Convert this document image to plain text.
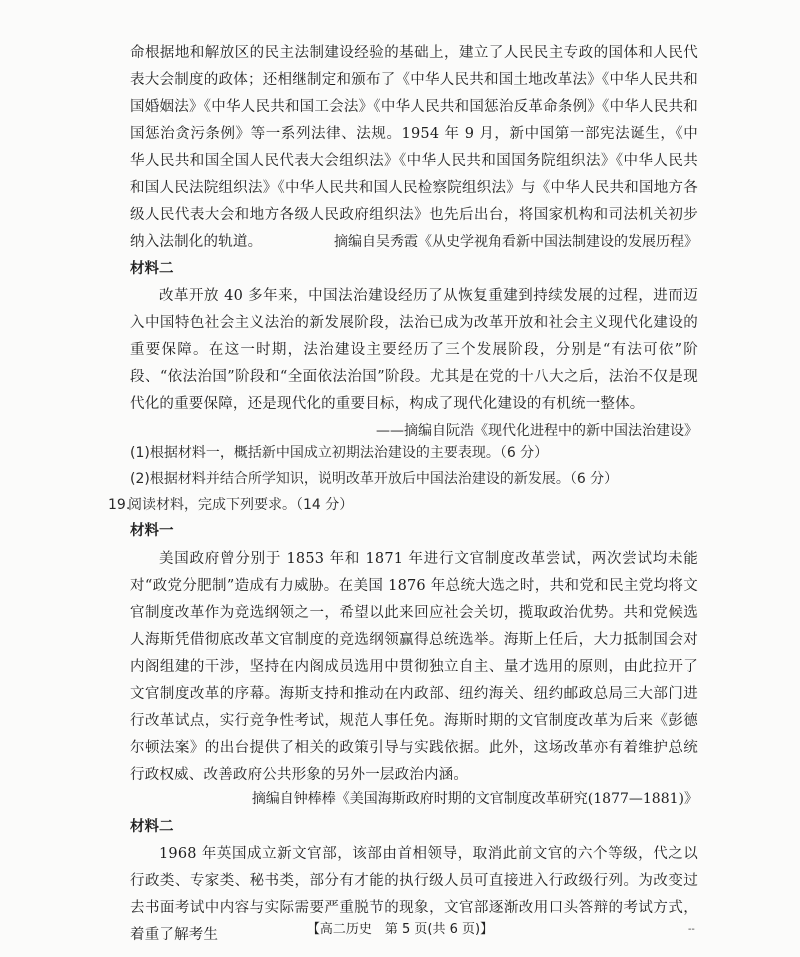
命根据地和解放区的民主法制建设经验的基础上，建立了人民民主专政的国体和人民代表大会制度的政体；还相继制定和颁布了《中华人民共和国土地改革法》《中华人民共和国婚姻法》《中华人民共和国工会法》《中华人民共和国惩治反革命条例》《中华人民共和国惩治贪污条例》等一系列法律、法规。1954 年 9 月，新中国第一部宪法诞生，《中华人民共和国全国人民代表大会组织法》《中华人民共和国国务院组织法》《中华人民共和国人民法院组织法》《中华人民共和国人民检察院组织法》与《中华人民共和国地方各级人民代表大会和地方各级人民政府组织法》也先后出台，将国家机构和司法机关初步纳入法制化的轨道。	摘编自吴秀霞《从史学视角看新中国法制建设的发展历程》

材料二

改革开放 40 多年来，中国法治建设经历了从恢复重建到持续发展的过程，进而迈入中国特色社会主义法治的新发展阶段，法治已成为改革开放和社会主义现代化建设的重要保障。在这一时期，法治建设主要经历了三个发展阶段，分别是“有法可依”阶段、“依法治国”阶段和“全面依法治国”阶段。尤其是在党的十八大之后，法治不仅是现代化的重要保障，还是现代化的重要目标，构成了现代化建设的有机统一整体。

——摘编自阮浩《现代化进程中的新中国法治建设》

(1)根据材料一，概括新中国成立初期法治建设的主要表现。（6 分）

(2)根据材料并结合所学知识，说明改革开放后中国法治建设的新发展。（6 分）

19.

阅读材料，完成下列要求。（14 分）

材料一

美国政府曾分别于 1853 年和 1871 年进行文官制度改革尝试，两次尝试均未能对“政党分肥制”造成有力威胁。在美国 1876 年总统大选之时，共和党和民主党均将文官制度改革作为竞选纲领之一，希望以此来回应社会关切，揽取政治优势。共和党候选人海斯凭借彻底改革文官制度的竞选纲领赢得总统选举。海斯上任后，大力抵制国会对内阁组建的干涉，坚持在内阁成员选用中贯彻独立自主、量才选用的原则，由此拉开了文官制度改革的序幕。海斯支持和推动在内政部、纽约海关、纽约邮政总局三大部门进行改革试点，实行竞争性考试，规范人事任免。海斯时期的文官制度改革为后来《彭德尔顿法案》的出台提供了相关的政策引导与实践依据。此外，这场改革亦有着维护总统行政权威、改善政府公共形象的另外一层政治内涵。

摘编自钟棒棒《美国海斯政府时期的文官制度改革研究(1877—1881)》

材料二

1968 年英国成立新文官部，该部由首相领导，取消此前文官的六个等级，代之以行政类、专家类、秘书类，部分有才能的执行级人员可直接进入行政级行列。为改变过去书面考试中内容与实际需要严重脱节的现象，文官部逐渐改用口头答辩的考试方式，着重了解考生	【高二历史　第 5 页(共 6 页)】	--
